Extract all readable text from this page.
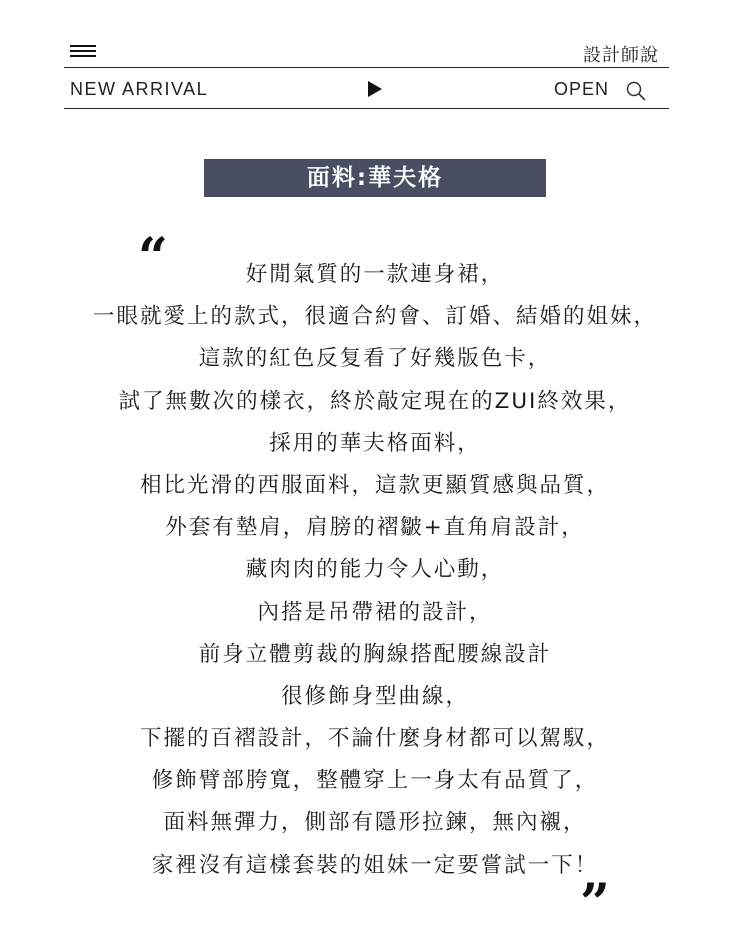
設計師說
NEW ARRIVAL	OPEN
面料:華夫格
“	好閒氣質的一款連身裙，
一眼就愛上的款式，很適合約會、訂婚、結婚的姐妹，
這款的紅色反复看了好幾版色卡，
試了無數次的樣衣，終於敲定現在的ZUI終效果，
採用的華夫格面料，
相比光滑的西服面料，這款更顯質感與品質，
外套有墊肩，肩膀的褶皺+直角肩設計，
藏肉肉的能力令人心動，
內搭是吊帶裙的設計，
前身立體剪裁的胸線搭配腰線設計
很修飾身型曲線，
下擺的百褶設計，不論什麼身材都可以駕馭，
修飾臂部胯寬，整體穿上一身太有品質了，
面料無彈力，側部有隱形拉鍊，無內襯，
家裡沒有這樣套裝的姐妹一定要嘗試一下！
”
